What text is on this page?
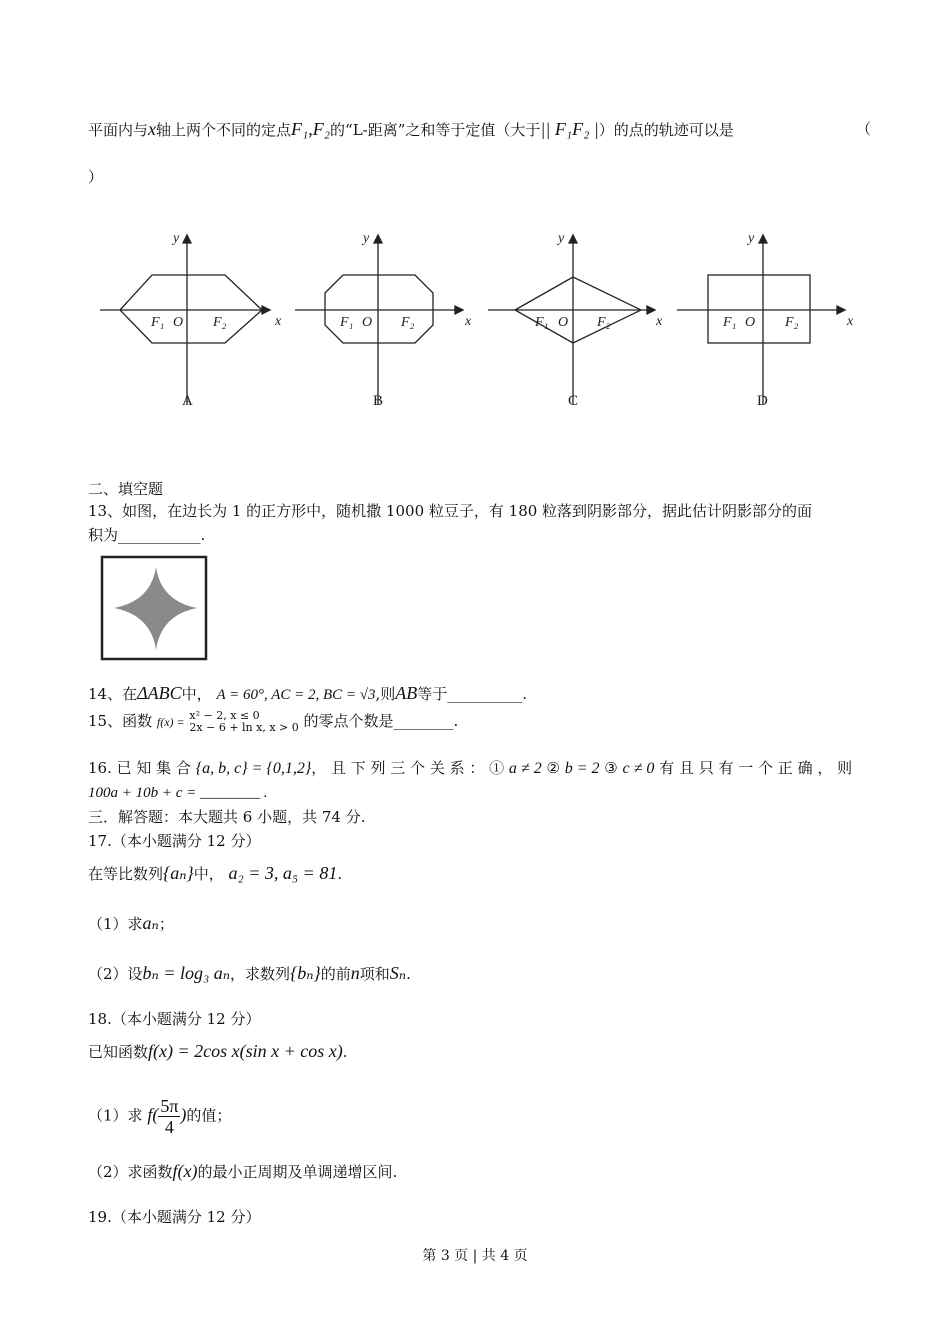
平面内与x轴上两个不同的定点F₁,F₂的“L-距离”之和等于定值（大于|| F₁F₂ |）的点的轨迹可以是	（
）
y
x
F₁ O F₂
y
x
F₁ O F₂
y
x
F₁ O F₂
y
x
F₁ O F₂
A	B	C	D
二、填空题
13、如图，在边长为 1 的正方形中，随机撒 1000 粒豆子，有 180 粒落到阴影部分，据此估计阴影部分的面
积为___________.
14、在ΔABC中， A = 60°, AC = 2, BC = √3,则AB等于__________.
15、函数 f(x) = x² − 2, x ≤ 0
2x − 6 + ln x, x > 0 的零点个数是________.
16. 已 知 集 合 {a, b, c} = {0,1,2}， 且 下 列 三 个 关 系 ： ① a ≠ 2 ② b = 2 ③ c ≠ 0 有 且 只 有 一 个 正 确 ， 则
100a + 10b + c = ________ .
三．解答题：本大题共 6 小题，共 74 分.
17.（本小题满分 12 分）
在等比数列{aₙ}中， a₂ = 3, a₅ = 81.
（1）求aₙ；
（2）设bₙ = log₃ aₙ，求数列{bₙ}的前n项和Sₙ.
18.（本小题满分 12 分）
已知函数f(x) = 2cos x(sin x + cos x).
（1）求 $f( \frac{5\pi}{4}$ )的值；
（2）求函数f(x)的最小正周期及单调递增区间.
19.（本小题满分 12 分）
第 3 页 | 共 4 页
